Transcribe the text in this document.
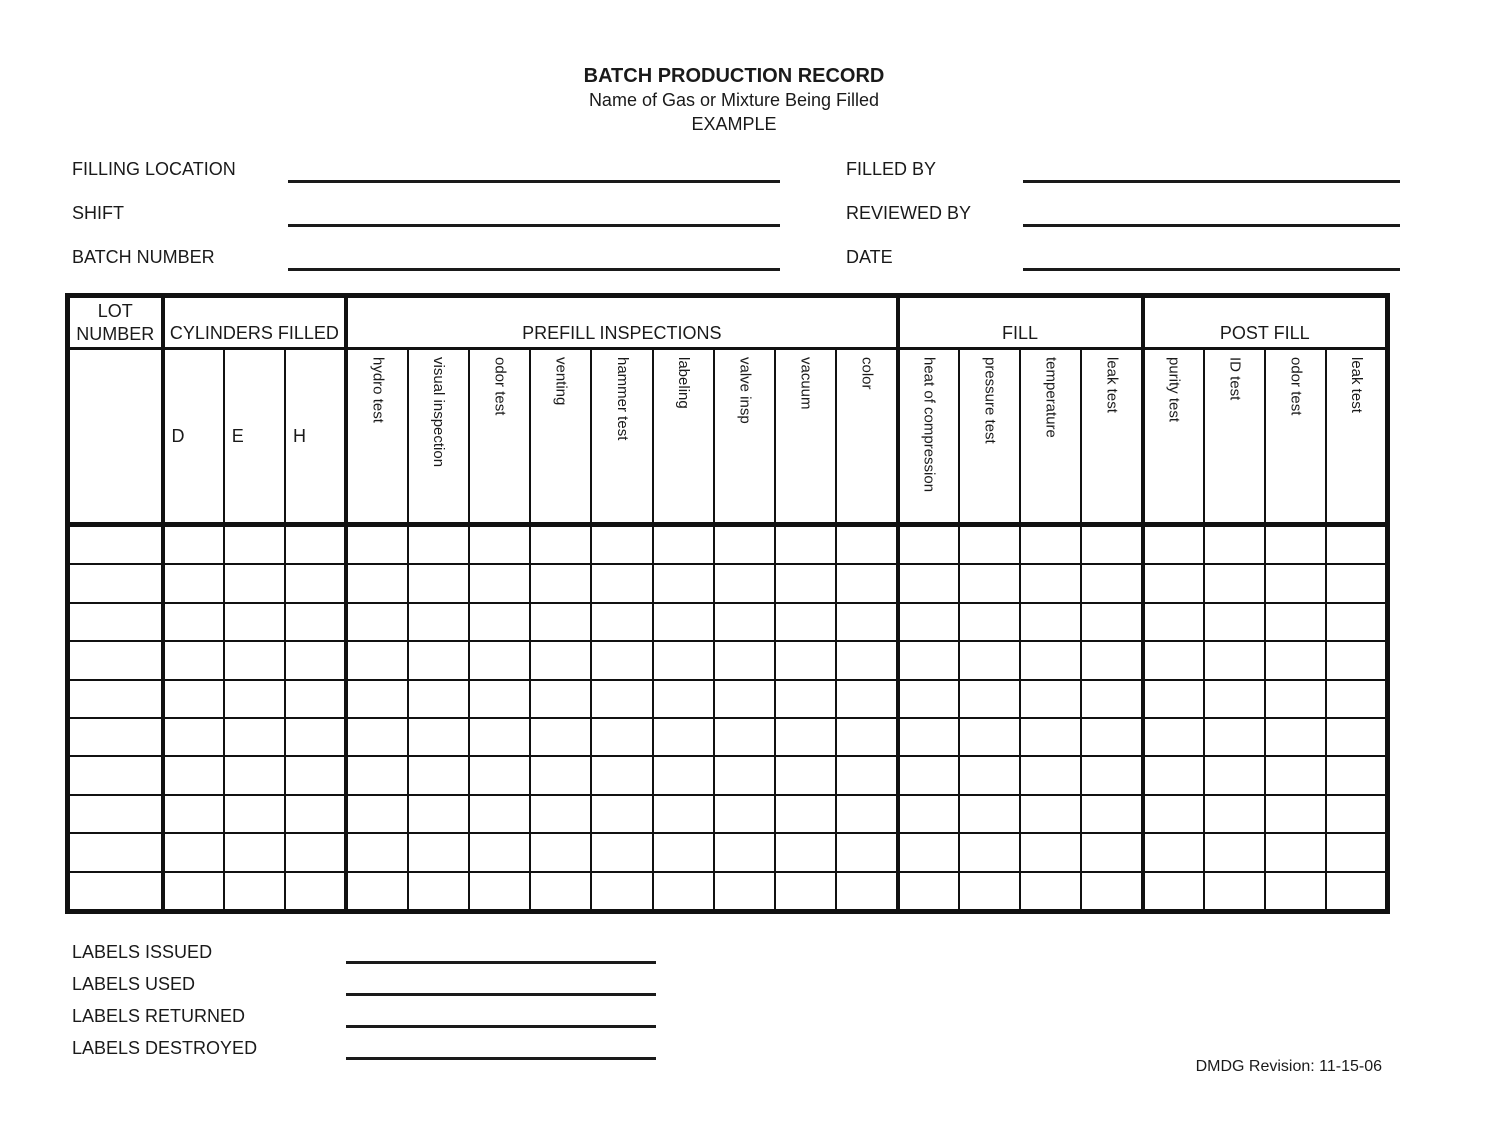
BATCH PRODUCTION RECORD
Name of Gas or Mixture Being Filled
EXAMPLE
FILLING LOCATION
SHIFT
BATCH NUMBER
FILLED BY
REVIEWED BY
DATE
LOT NUMBER	CYLINDERS FILLED			PREFILL INSPECTIONS									FILL				POST FILL			
	D	E	H	hydro test	visual inspection	odor test	venting	hammer test	labeling	valve insp	vacuum	color	heat of compression	pressure test	temperature	leak test	purity test	ID test	odor test	leak test

LABELS ISSUED
LABELS USED
LABELS RETURNED
LABELS DESTROYED
DMDG Revision: 11-15-06
